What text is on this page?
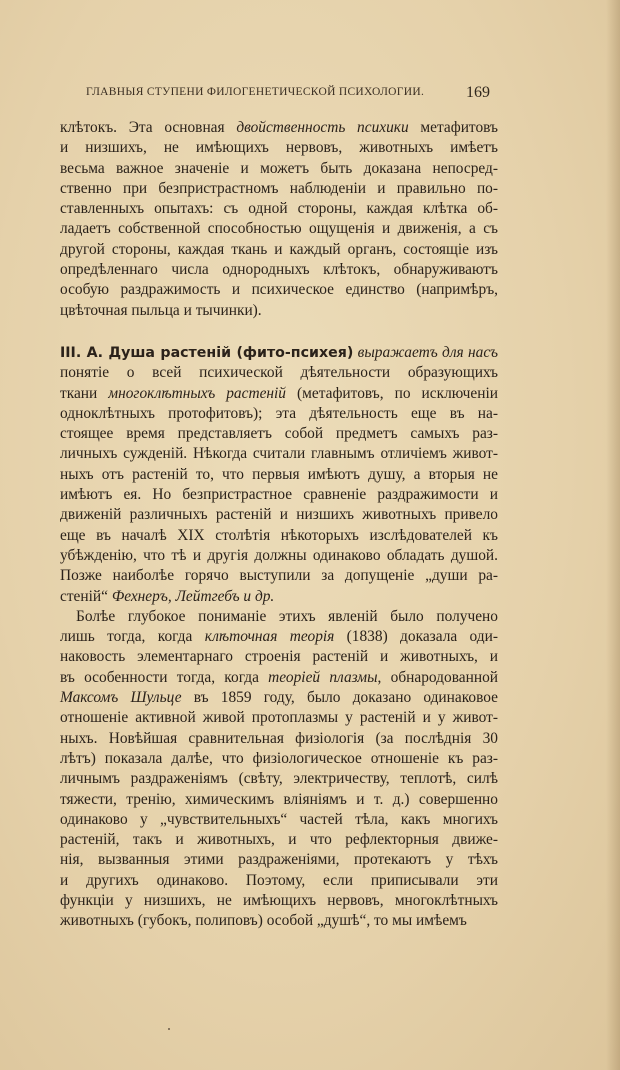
ГЛАВНЫЯ СТУПЕНИ ФИЛОГЕНЕТИЧЕСКОЙ ПСИХОЛОГИИ.	169
клѣтокъ. Эта основная двойственность психики метафитовъ
и низшихъ, не имѣющихъ нервовъ, животныхъ имѣетъ
весьма важное значенiе и можетъ быть доказана непосред-
ственно при безпристрастномъ наблюденiи и правильно по-
ставленныхъ опытахъ: съ одной стороны, каждая клѣтка об-
ладаетъ собственной способностью ощущенiя и движенiя, а съ
другой стороны, каждая ткань и каждый органъ, состоящiе изъ
опредѣленнаго числа однородныхъ клѣтокъ, обнаруживаютъ
особую раздражимость и психическое единство (напримѣръ,
цвѣточная пыльца и тычинки).
III. А. Душа растенiй (фито-психея) выражаетъ для насъ
понятiе о всей психической дѣятельности образующихъ
ткани многоклѣтныхъ растенiй (метафитовъ, по исключенiи
одноклѣтныхъ протофитовъ); эта дѣятельность еще въ на-
стоящее время представляетъ собой предметъ самыхъ раз-
личныхъ сужденiй. Нѣкогда считали главнымъ отличiемъ живот-
ныхъ отъ растенiй то, что первыя имѣютъ душу, а вторыя не
имѣютъ ея. Но безпристрастное сравненiе раздражимости и
движенiй различныхъ растенiй и низшихъ животныхъ привело
еще въ началѣ XIX столѣтiя нѣкоторыхъ изслѣдователей къ
убѣжденiю, что тѣ и другiя должны одинаково обладать душой.
Позже наиболѣе горячо выступили за допущенiе „души ра-
стенiй“ Фехнеръ, Лейтгебъ и др.
Болѣе глубокое пониманiе этихъ явленiй было получено
лишь тогда, когда клѣточная теорiя (1838) доказала оди-
наковость элементарнаго строенiя растенiй и животныхъ, и
въ особенности тогда, когда теорiей плазмы, обнародованной
Максомъ Шульце въ 1859 году, было доказано одинаковое
отношенiе активной живой протоплазмы у растенiй и у живот-
ныхъ. Новѣйшая сравнительная физiологiя (за послѣднiя 30
лѣтъ) показала далѣе, что физiологическое отношенiе къ раз-
личнымъ раздраженiямъ (свѣту, электричеству, теплотѣ, силѣ
тяжести, тренiю, химическимъ влiянiямъ и т. д.) совершенно
одинаково у „чувствительныхъ“ частей тѣла, какъ многихъ
растенiй, такъ и животныхъ, и что рефлекторныя движе-
нiя, вызванныя этими раздраженiями, протекаютъ у тѣхъ
и другихъ одинаково. Поэтому, если приписывали эти
функцiи у низшихъ, не имѣющихъ нервовъ, многоклѣтныхъ
животныхъ (губокъ, полиповъ) особой „душѣ“, то мы имѣемъ
